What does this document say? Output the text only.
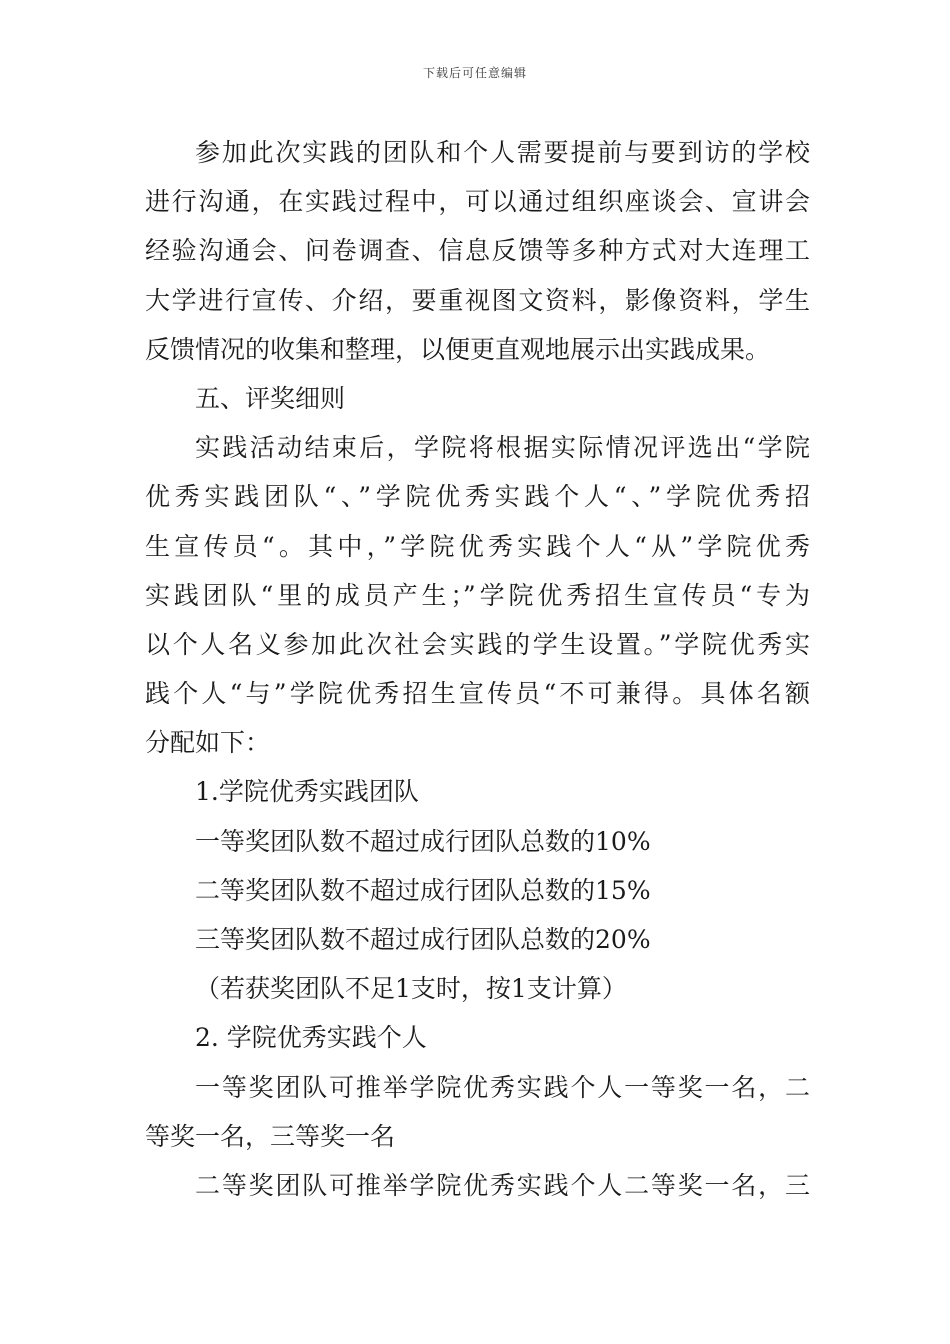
下载后可任意编辑
参加此次实践的团队和个人需要提前与要到访的学校
进行沟通，在实践过程中，可以通过组织座谈会、宣讲会
经验沟通会、问卷调查、信息反馈等多种方式对大连理工
大学进行宣传、介绍，要重视图文资料，影像资料，学生
反馈情况的收集和整理，以便更直观地展示出实践成果。
五、评奖细则
实践活动结束后，学院将根据实际情况评选出“学院
优秀实践团队“、”学院优秀实践个人“、”学院优秀招
生宣传员“。其中，”学院优秀实践个人“从”学院优秀
实践团队“里的成员产生；”学院优秀招生宣传员“专为
以个人名义参加此次社会实践的学生设置。”学院优秀实
践个人“与”学院优秀招生宣传员“不可兼得。具体名额
分配如下：
1.学院优秀实践团队
一等奖团队数不超过成行团队总数的10%
二等奖团队数不超过成行团队总数的15%
三等奖团队数不超过成行团队总数的20%
（若获奖团队不足1支时，按1支计算）
2. 学院优秀实践个人
一等奖团队可推举学院优秀实践个人一等奖一名，二
等奖一名，三等奖一名
二等奖团队可推举学院优秀实践个人二等奖一名，三
